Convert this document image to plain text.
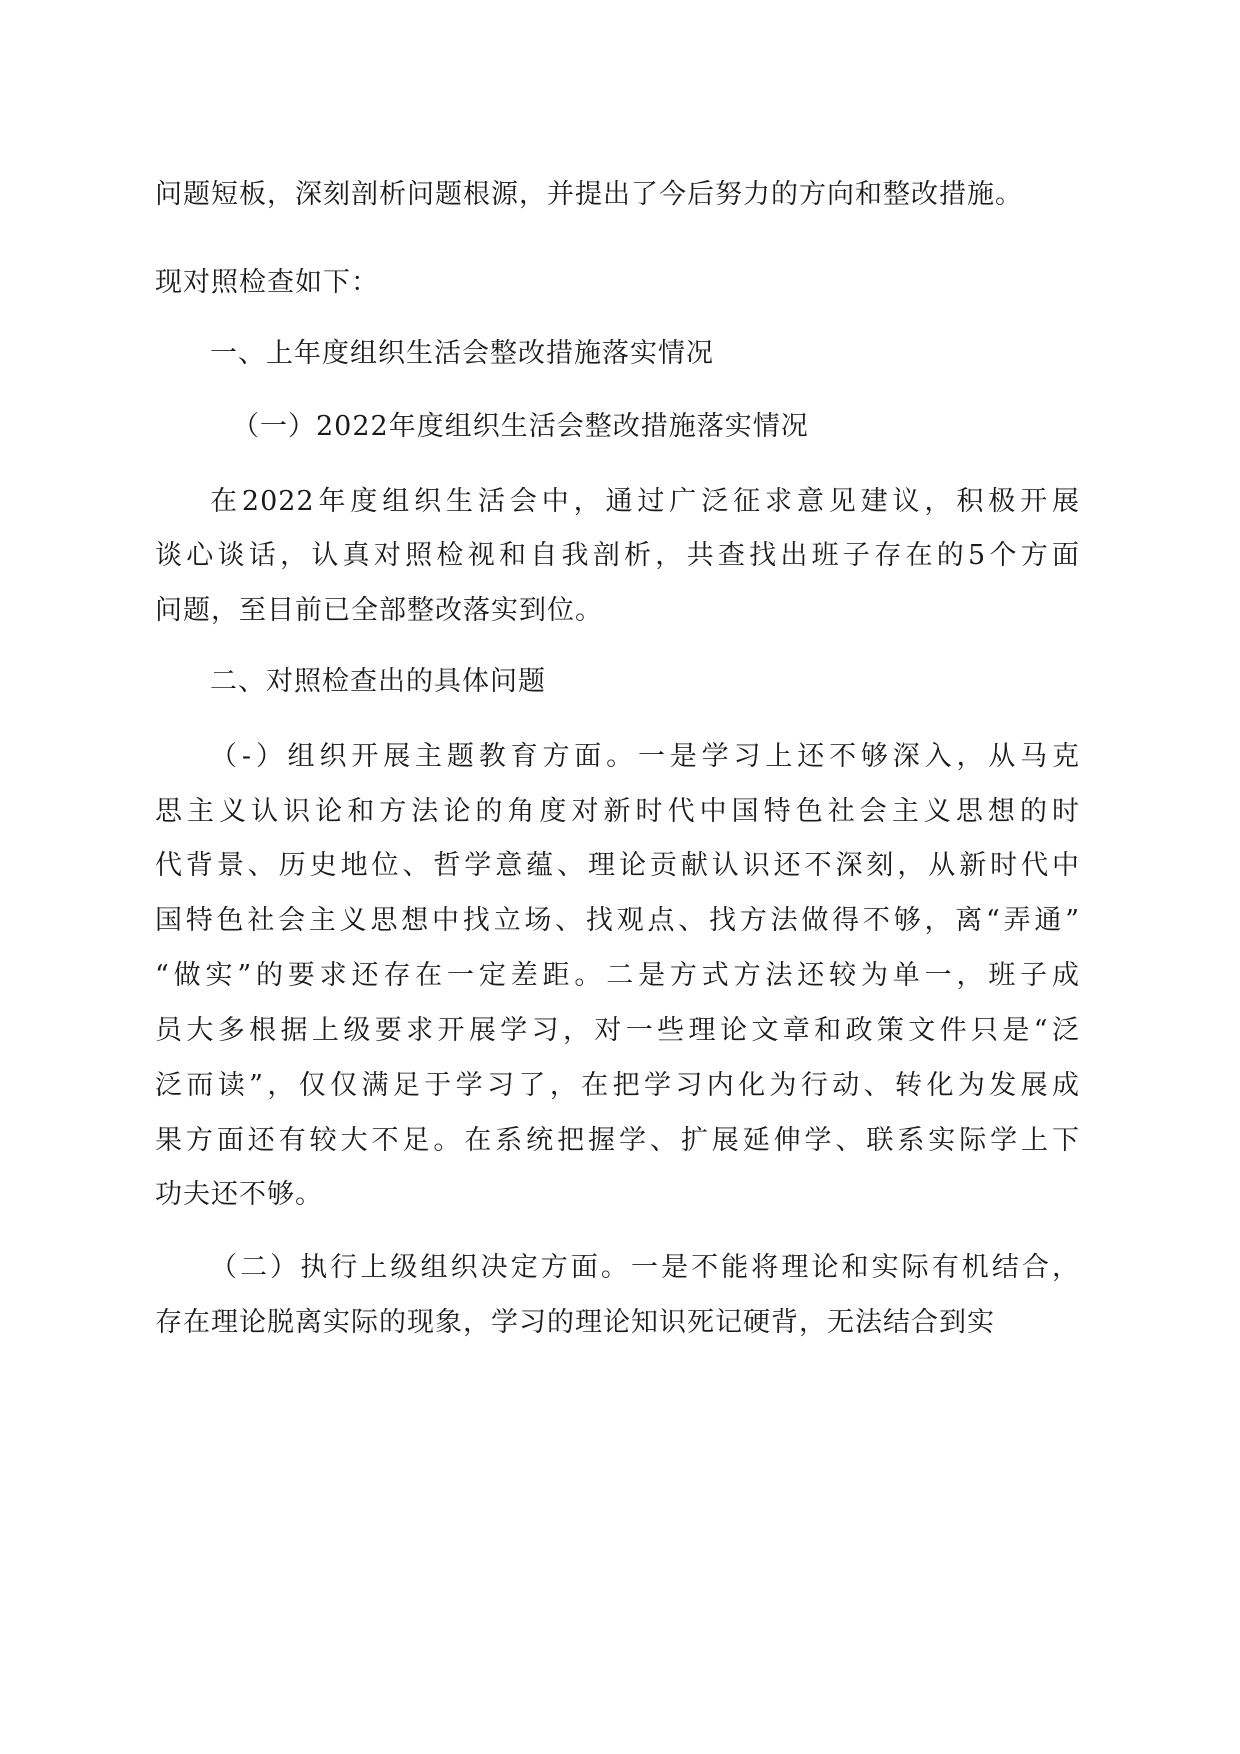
问题短板，深刻剖析问题根源，并提出了今后努力的方向和整改措施。
现对照检查如下：
一、上年度组织生活会整改措施落实情况
（一）2022年度组织生活会整改措施落实情况
在2022年度组织生活会中，通过广泛征求意见建议，积极开展
谈心谈话，认真对照检视和自我剖析，共查找出班子存在的5个方面
问题，至目前已全部整改落实到位。
二、对照检查出的具体问题
（-）组织开展主题教育方面。一是学习上还不够深入，从马克
思主义认识论和方法论的角度对新时代中国特色社会主义思想的时
代背景、历史地位、哲学意蕴、理论贡献认识还不深刻，从新时代中
国特色社会主义思想中找立场、找观点、找方法做得不够，离“弄通”
“做实”的要求还存在一定差距。二是方式方法还较为单一，班子成
员大多根据上级要求开展学习，对一些理论文章和政策文件只是“泛
泛而读”，仅仅满足于学习了，在把学习内化为行动、转化为发展成
果方面还有较大不足。在系统把握学、扩展延伸学、联系实际学上下
功夫还不够。
（二）执行上级组织决定方面。一是不能将理论和实际有机结合，
存在理论脱离实际的现象，学习的理论知识死记硬背，无法结合到实
